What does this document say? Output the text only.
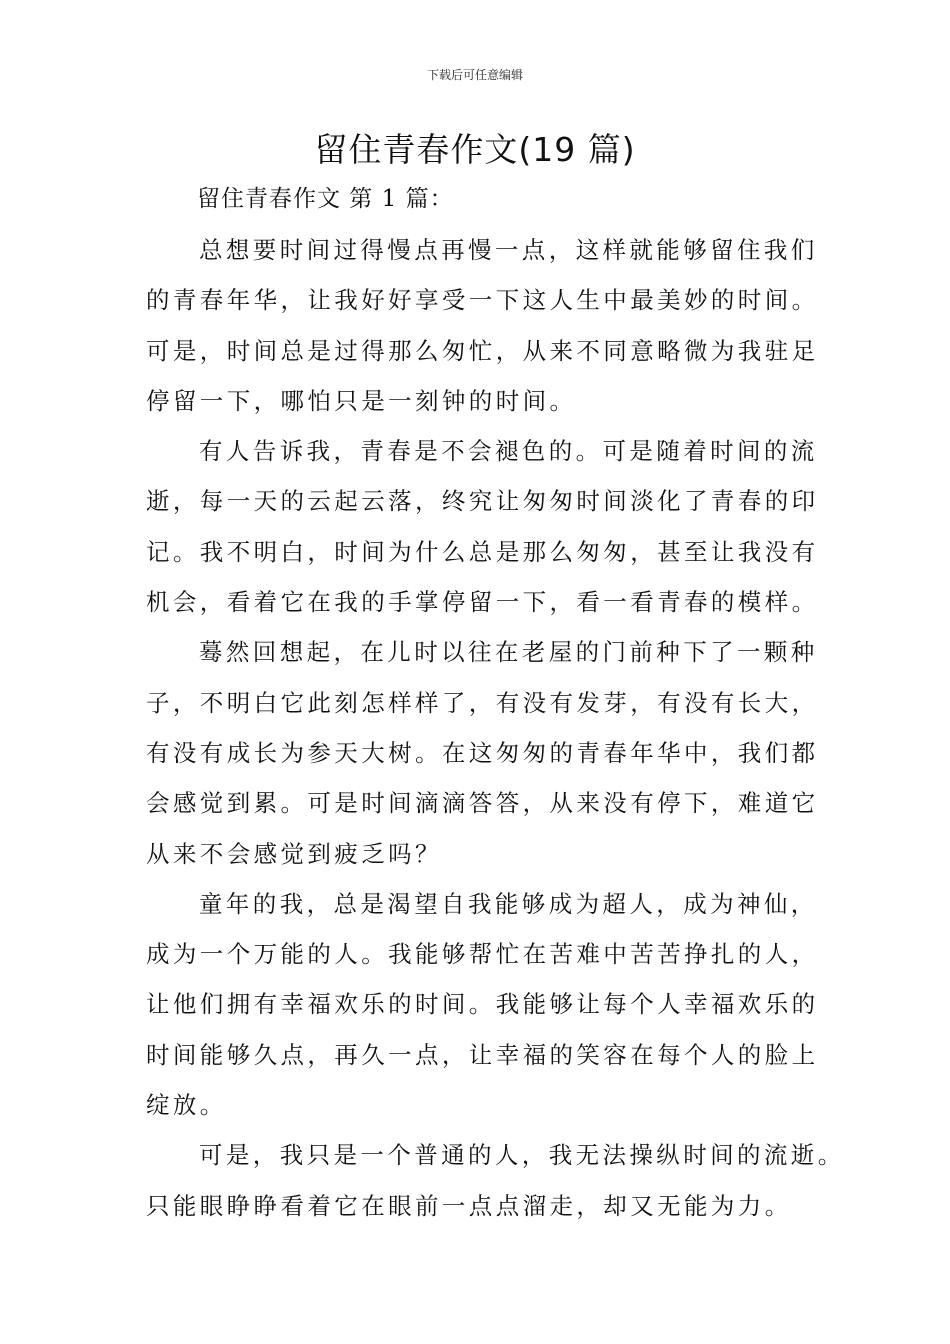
下载后可任意编辑
留住青春作文(19 篇)
留住青春作文 第 1 篇：
总想要时间过得慢点再慢一点，这样就能够留住我们
的青春年华，让我好好享受一下这人生中最美妙的时间。
可是，时间总是过得那么匆忙，从来不同意略微为我驻足
停留一下，哪怕只是一刻钟的时间。
有人告诉我，青春是不会褪色的。可是随着时间的流
逝，每一天的云起云落，终究让匆匆时间淡化了青春的印
记。我不明白，时间为什么总是那么匆匆，甚至让我没有
机会，看着它在我的手掌停留一下，看一看青春的模样。
蓦然回想起，在儿时以往在老屋的门前种下了一颗种
子，不明白它此刻怎样样了，有没有发芽，有没有长大，
有没有成长为参天大树。在这匆匆的青春年华中，我们都
会感觉到累。可是时间滴滴答答，从来没有停下，难道它
从来不会感觉到疲乏吗？
童年的我，总是渴望自我能够成为超人，成为神仙，
成为一个万能的人。我能够帮忙在苦难中苦苦挣扎的人，
让他们拥有幸福欢乐的时间。我能够让每个人幸福欢乐的
时间能够久点，再久一点，让幸福的笑容在每个人的脸上
绽放。
可是，我只是一个普通的人，我无法操纵时间的流逝。
只能眼睁睁看着它在眼前一点点溜走，却又无能为力。
